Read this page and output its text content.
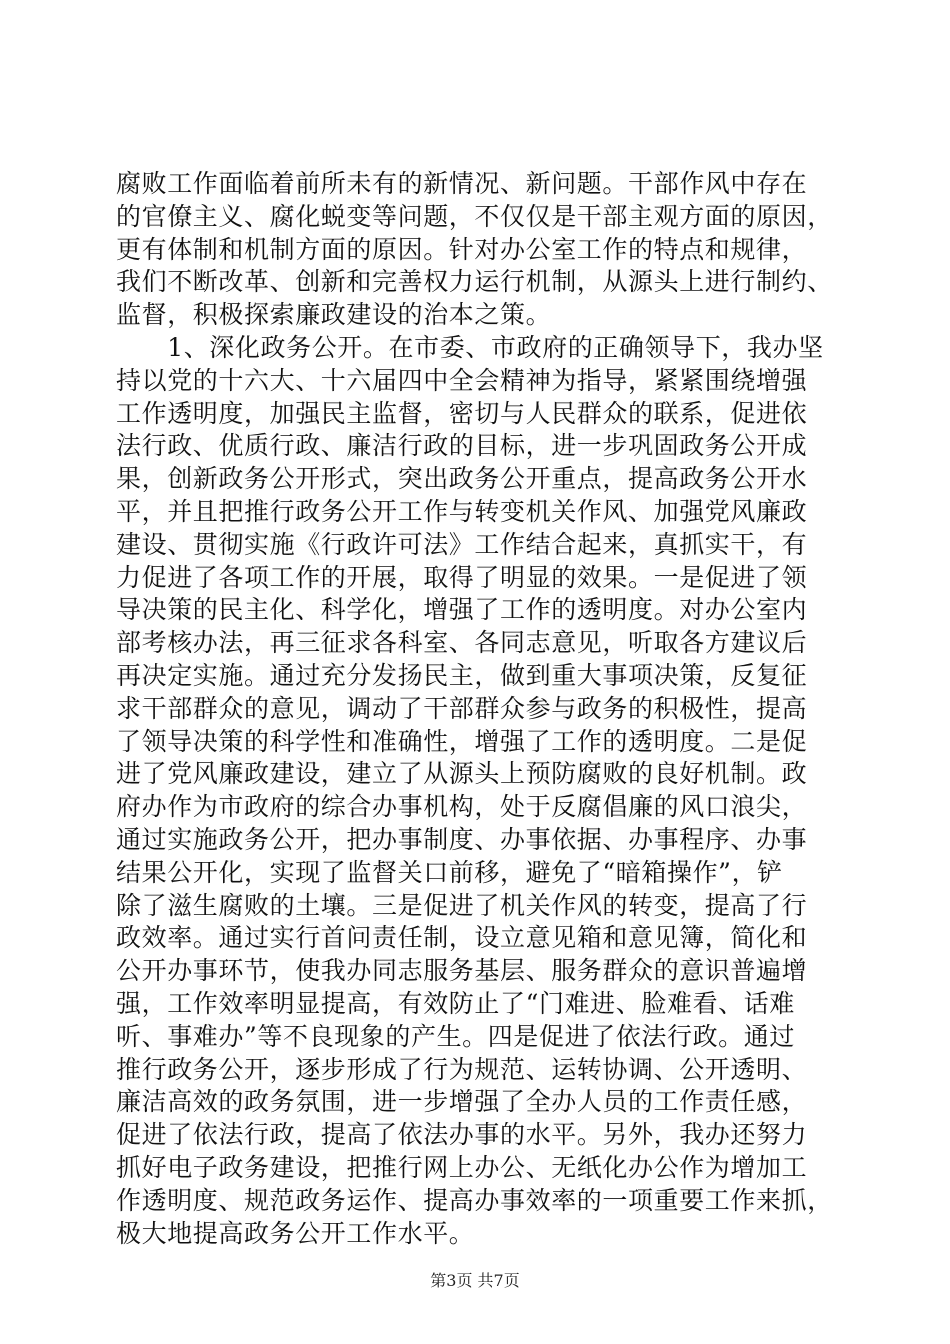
腐败工作面临着前所未有的新情况、新问题。干部作风中存在
的官僚主义、腐化蜕变等问题，不仅仅是干部主观方面的原因，
更有体制和机制方面的原因。针对办公室工作的特点和规律，
我们不断改革、创新和完善权力运行机制，从源头上进行制约、
监督，积极探索廉政建设的治本之策。
　　1、深化政务公开。在市委、市政府的正确领导下，我办坚
持以党的十六大、十六届四中全会精神为指导，紧紧围绕增强
工作透明度，加强民主监督，密切与人民群众的联系，促进依
法行政、优质行政、廉洁行政的目标，进一步巩固政务公开成
果，创新政务公开形式，突出政务公开重点，提高政务公开水
平，并且把推行政务公开工作与转变机关作风、加强党风廉政
建设、贯彻实施《行政许可法》工作结合起来，真抓实干，有
力促进了各项工作的开展，取得了明显的效果。一是促进了领
导决策的民主化、科学化，增强了工作的透明度。对办公室内
部考核办法，再三征求各科室、各同志意见，听取各方建议后
再决定实施。通过充分发扬民主，做到重大事项决策，反复征
求干部群众的意见，调动了干部群众参与政务的积极性，提高
了领导决策的科学性和准确性，增强了工作的透明度。二是促
进了党风廉政建设，建立了从源头上预防腐败的良好机制。政
府办作为市政府的综合办事机构，处于反腐倡廉的风口浪尖，
通过实施政务公开，把办事制度、办事依据、办事程序、办事
结果公开化，实现了监督关口前移，避免了“暗箱操作”，铲
除了滋生腐败的土壤。三是促进了机关作风的转变，提高了行
政效率。通过实行首问责任制，设立意见箱和意见簿，简化和
公开办事环节，使我办同志服务基层、服务群众的意识普遍增
强，工作效率明显提高，有效防止了“门难进、脸难看、话难
听、事难办”等不良现象的产生。四是促进了依法行政。通过
推行政务公开，逐步形成了行为规范、运转协调、公开透明、
廉洁高效的政务氛围，进一步增强了全办人员的工作责任感，
促进了依法行政，提高了依法办事的水平。另外，我办还努力
抓好电子政务建设，把推行网上办公、无纸化办公作为增加工
作透明度、规范政务运作、提高办事效率的一项重要工作来抓，
极大地提高政务公开工作水平。
第3页 共7页
